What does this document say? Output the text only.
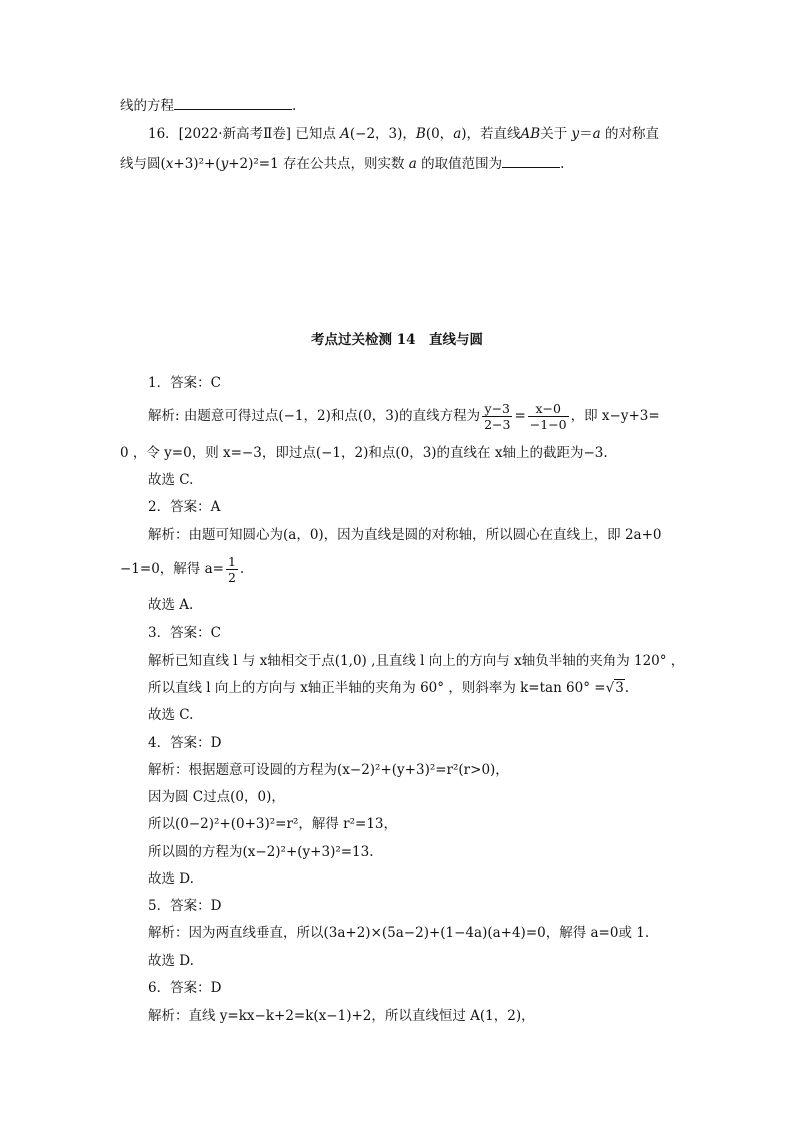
线的方程	.
16．[2022·新高考Ⅱ卷] 已知点 A(−2，3)，B(0，a)，若直线AB关于 y＝a 的对称直
线与圆(x+3)²+(y+2)²=1 存在公共点，则实数 a 的取值范围为	.
考点过关检测 14　直线与圆
1．答案：C
解析: 由题意可得过点(−1，2)和点(0，3)的直线方程为 $\frac{y-3}{2-3} = \frac{x-0}{-1-0}$ ，即 x−y+3=
0 ，令 y=0，则 x=−3，即过点(−1，2)和点(0，3)的直线在 x轴上的截距为−3.
故选 C.
2．答案：A
解析：由题可知圆心为(a，0)，因为直线是圆的对称轴，所以圆心在直线上，即 2a+0
−1=0，解得 $a= \frac{1}{2}$ .
故选 A.
3．答案：C
解析已知直线 l 与 x轴相交于点(1,0) ,且直线 l 向上的方向与 x轴负半轴的夹角为 120° ，
所以直线 l 向上的方向与 x轴正半轴的夹角为 60° ，则斜率为 k=tan 60° =√3.
故选 C.
4．答案：D
解析：根据题意可设圆的方程为(x−2)²+(y+3)²=r²(r>0)，
因为圆 C过点(0，0)，
所以(0−2)²+(0+3)²=r²，解得 r²=13，
所以圆的方程为(x−2)²+(y+3)²=13.
故选 D.
5．答案：D
解析：因为两直线垂直，所以(3a+2)×(5a−2)+(1−4a)(a+4)=0，解得 a=0或 1.
故选 D.
6．答案：D
解析：直线 y=kx−k+2=k(x−1)+2，所以直线恒过 A(1，2)，
